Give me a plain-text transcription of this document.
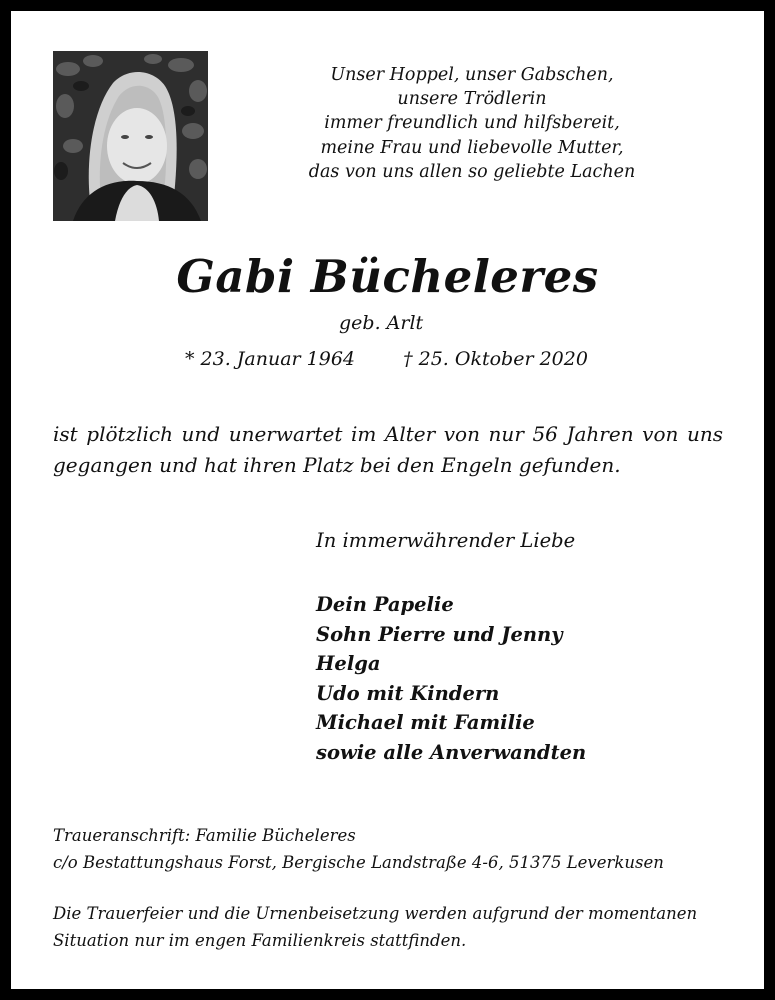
Unser Hoppel, unser Gabschen,
unsere Trödlerin
immer freundlich und hilfsbereit,
meine Frau und liebevolle Mutter,
das von uns allen so geliebte Lachen
Gabi Bücheleres
geb. Arlt
* 23. Januar 1964	† 25. Oktober 2020
ist plötzlich und unerwartet im Alter von nur 56 Jahren von uns
gegangen und hat ihren Platz bei den Engeln gefunden.
In immerwährender Liebe
Dein Papelie
Sohn Pierre und Jenny
Helga
Udo mit Kindern
Michael mit Familie
sowie alle Anverwandten
Traueranschrift: Familie Bücheleres
c/o Bestattungshaus Forst, Bergische Landstraße 4-6, 51375 Leverkusen
Die Trauerfeier und die Urnenbeisetzung werden aufgrund der momentanen
Situation nur im engen Familienkreis stattfinden.
